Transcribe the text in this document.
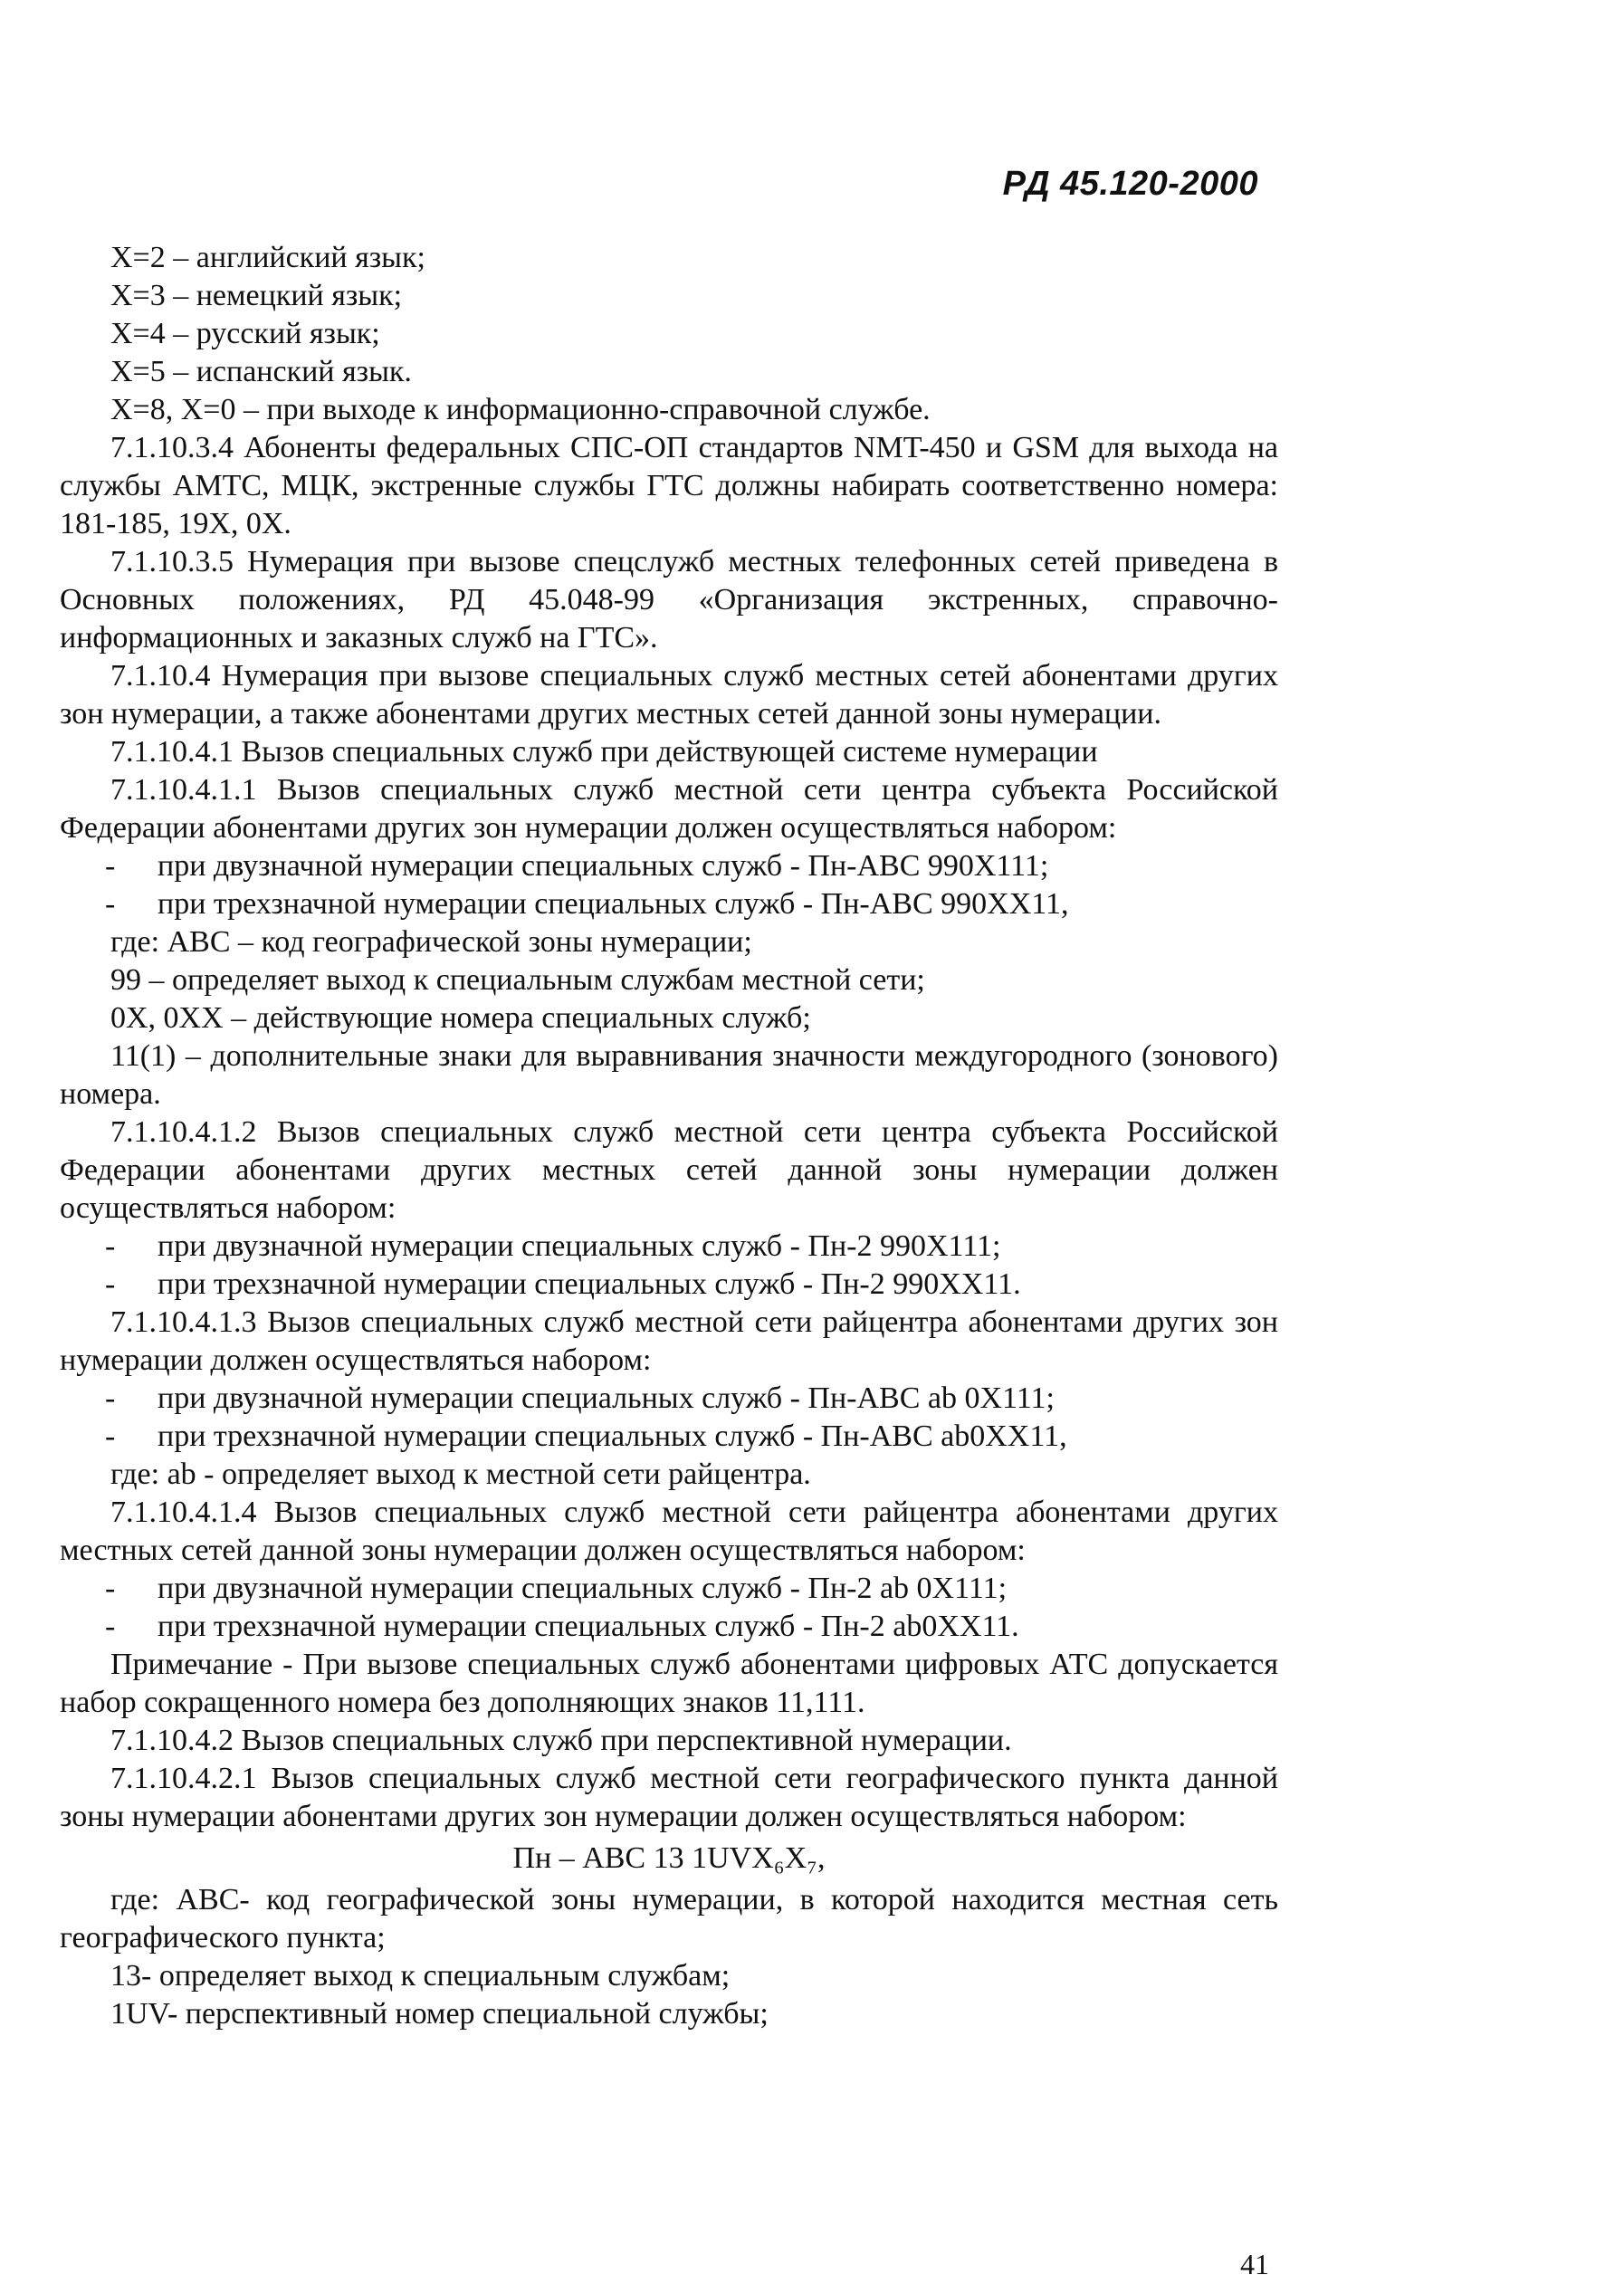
РД 45.120-2000

X=2 – английский язык;

X=3 – немецкий язык;

X=4 – русский язык;

X=5 – испанский язык.

X=8, X=0 – при выходе к информационно-справочной службе.

7.1.10.3.4 Абоненты федеральных СПС-ОП стандартов NMT-450 и GSM для выхода на службы АМТС, МЦК, экстренные службы ГТС должны набирать соответственно номера: 181-185, 19X, 0X.

7.1.10.3.5 Нумерация при вызове спецслужб местных телефонных сетей приведена в Основных положениях, РД 45.048-99 «Организация экстренных, справочно-информационных и заказных служб на ГТС».

7.1.10.4 Нумерация при вызове специальных служб местных сетей абонентами других зон нумерации, а также абонентами других местных сетей данной зоны нумерации.

7.1.10.4.1 Вызов специальных служб при действующей системе нумерации

7.1.10.4.1.1 Вызов специальных служб местной сети центра субъекта Российской Федерации абонентами других зон нумерации должен осуществляться набором:

- при двузначной нумерации специальных служб - Пн-АВС 990X111;

- при трехзначной нумерации специальных служб - Пн-АВС 990XX11,

где: АВС – код географической зоны нумерации;

99 – определяет выход к специальным службам местной сети;

0X, 0XX – действующие номера специальных служб;

11(1) – дополнительные знаки для выравнивания значности междугородного (зонового) номера.

7.1.10.4.1.2 Вызов специальных служб местной сети центра субъекта Российской Федерации абонентами других местных сетей данной зоны нумерации должен осуществляться набором:

- при двузначной нумерации специальных служб - Пн-2 990X111;

- при трехзначной нумерации специальных служб - Пн-2 990XX11.

7.1.10.4.1.3 Вызов специальных служб местной сети райцентра абонентами других зон нумерации должен осуществляться набором:

- при двузначной нумерации специальных служб - Пн-АВС ab 0X111;

- при трехзначной нумерации специальных служб - Пн-АВС ab0XX11,

где: ab - определяет выход к местной сети райцентра.

7.1.10.4.1.4 Вызов специальных служб местной сети райцентра абонентами других местных сетей данной зоны нумерации должен осуществляться набором:

- при двузначной нумерации специальных служб - Пн-2 ab 0X111;

- при трехзначной нумерации специальных служб - Пн-2 ab0XX11.

Примечание - При вызове специальных служб абонентами цифровых АТС допускается набор сокращенного номера без дополняющих знаков 11,111.

7.1.10.4.2 Вызов специальных служб при перспективной нумерации.

7.1.10.4.2.1 Вызов специальных служб местной сети географического пункта данной зоны нумерации абонентами других зон нумерации должен осуществляться набором:

Пн – АВС 13 1UVX₆X₇,

где: АВС- код географической зоны нумерации, в которой находится местная сеть географического пункта;

13- определяет выход к специальным службам;

1UV- перспективный номер специальной службы;

41
